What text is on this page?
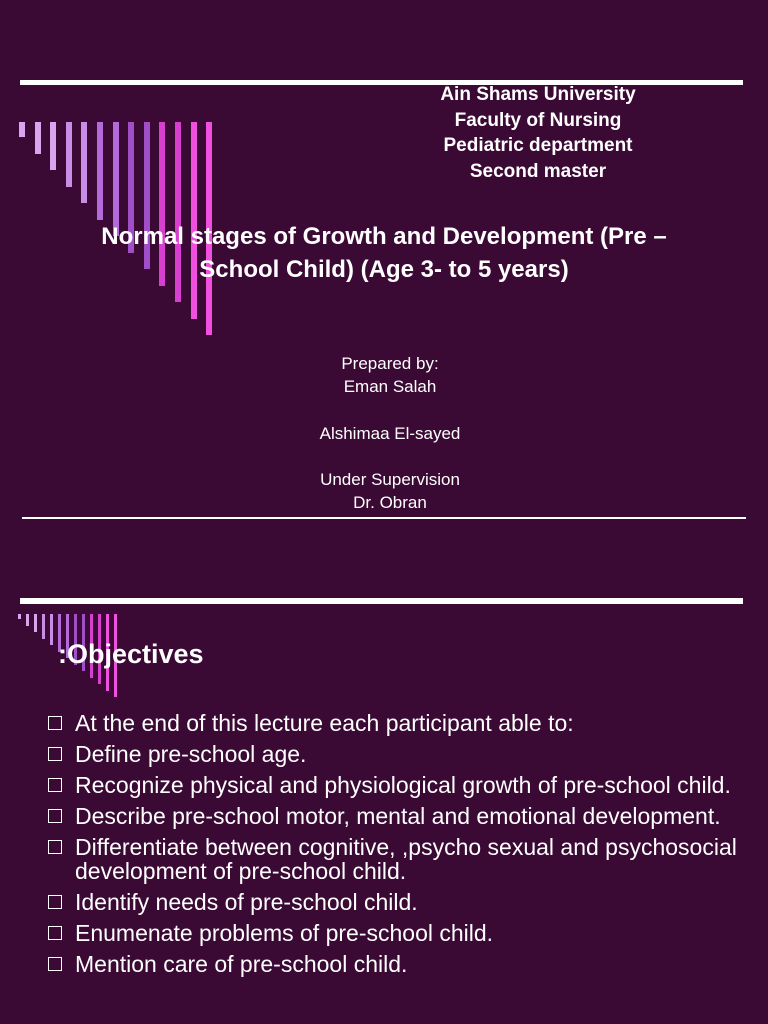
Ain Shams University
Faculty of Nursing
Pediatric department
Second master
Normal stages of Growth and Development (Pre –
School Child) (Age 3- to 5 years)
Prepared by:
Eman Salah
Alshimaa El-sayed
Under Supervision
Dr. Obran
:Objectives
At the end of this lecture each participant able to:
Define pre-school age.
Recognize physical and physiological growth of pre-school child.
Describe pre-school motor, mental and emotional development.
Differentiate between cognitive, ,psycho sexual and psychosocial development of pre-school child.
Identify needs of pre-school child.
Enumenate problems of pre-school child.
Mention care of pre-school child.
